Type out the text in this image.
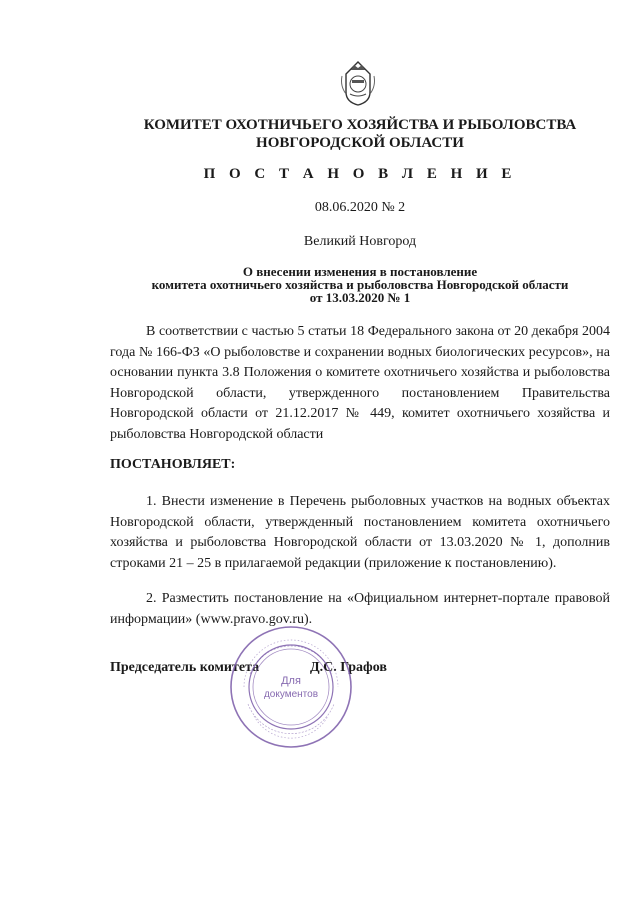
КОМИТЕТ ОХОТНИЧЬЕГО ХОЗЯЙСТВА И РЫБОЛОВСТВА
НОВГОРОДСКОЙ ОБЛАСТИ
П О С Т А Н О В Л Е Н И Е
08.06.2020 № 2
Великий Новгород
О внесении изменения в постановление
комитета охотничьего хозяйства и рыболовства Новгородской области
от 13.03.2020 № 1
В соответствии с частью 5 статьи 18 Федерального закона от 20 декабря 2004 года № 166-ФЗ «О рыболовстве и сохранении водных биологических ресурсов», на основании пункта 3.8 Положения о комитете охотничьего хозяйства и рыболовства Новгородской области, утвержденного постановлением Правительства Новгородской области от 21.12.2017 № 449, комитет охотничьего хозяйства и рыболовства Новгородской области
ПОСТАНОВЛЯЕТ:
1. Внести изменение в Перечень рыболовных участков на водных объектах Новгородской области, утвержденный постановлением комитета охотничьего хозяйства и рыболовства Новгородской области от 13.03.2020 № 1, дополнив строками 21 – 25 в прилагаемой редакции (приложение к постановлению).
2. Разместить постановление на «Официальном интернет-портале правовой информации» (www.pravo.gov.ru).
Председатель комитета	Д.С. Графов
Для
документов
